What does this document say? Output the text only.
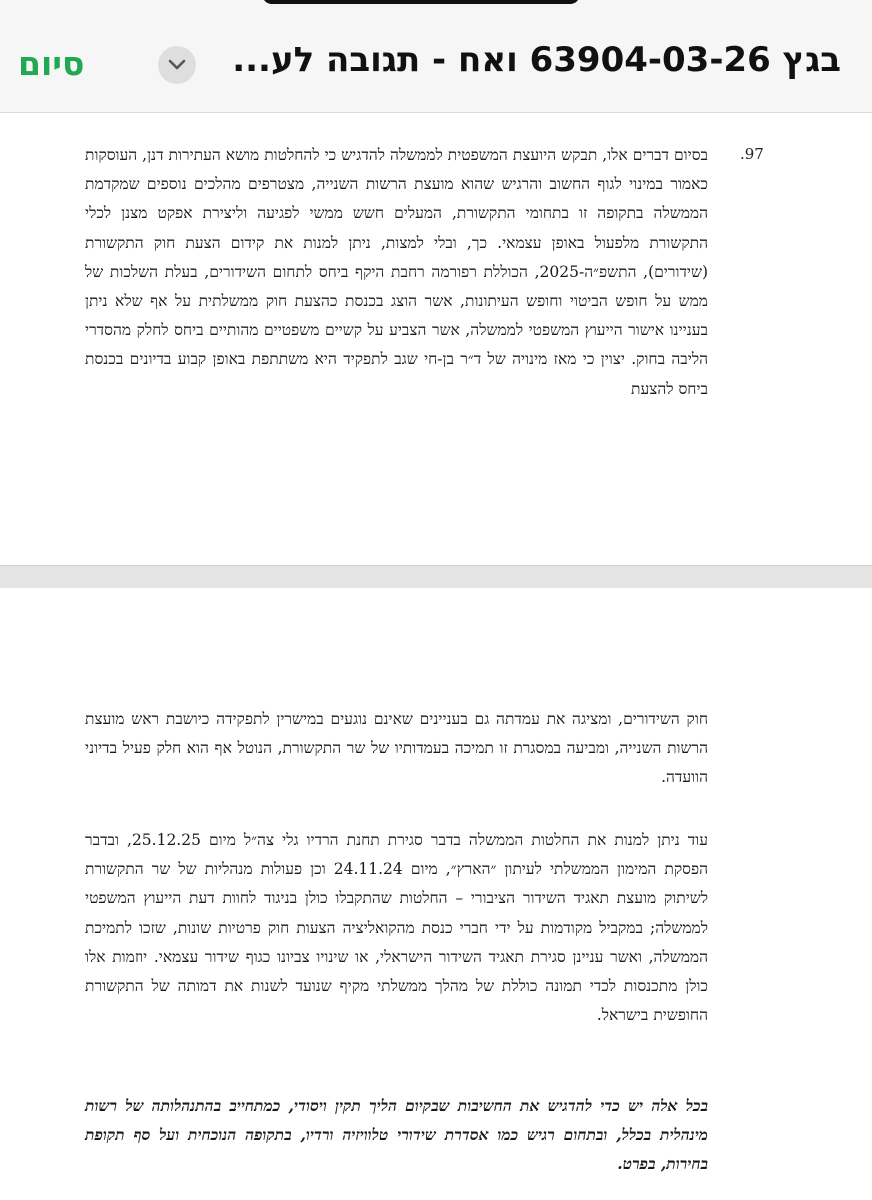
סיום	בגץ 63904-03-26 ואח - תגובה לע...
.97

בסיום דברים אלו, תבקש היועצת המשפטית לממשלה להדגיש כי להחלטות מושא העתירות דנן, העוסקות כאמור במינוי לגוף החשוב והרגיש שהוא מועצת הרשות השנייה, מצטרפים מהלכים נוספים שמקדמת הממשלה בתקופה זו בתחומי התקשורת, המעלים חשש ממשי לפגיעה וליצירת אפקט מצנן לכלי התקשורת מלפעול באופן עצמאי. כך, ובלי למצות, ניתן למנות את קידום הצעת חוק התקשורת (שידורים), התשפ״ה-2025, הכוללת רפורמה רחבת היקף ביחס לתחום השידורים, בעלת השלכות של ממש על חופש הביטוי וחופש העיתונות, אשר הוצג בכנסת כהצעת חוק ממשלתית על אף שלא ניתן בעניינו אישור הייעוץ המשפטי לממשלה, אשר הצביע על קשיים משפטיים מהותיים ביחס לחלק מהסדרי הליבה בחוק. יצוין כי מאז מינויה של ד״ר בן-חי שגב לתפקיד היא משתתפת באופן קבוע בדיונים בכנסת ביחס להצעת

חוק השידורים, ומציגה את עמדתה גם בעניינים שאינם נוגעים במישרין לתפקידה כיושבת ראש מועצת הרשות השנייה, ומביעה במסגרת זו תמיכה בעמדותיו של שר התקשורת, הנוטל אף הוא חלק פעיל בדיוני הוועדה.

עוד ניתן למנות את החלטות הממשלה בדבר סגירת תחנת הרדיו גלי צה״ל מיום 25.12.25, ובדבר הפסקת המימון הממשלתי לעיתון ״הארץ״, מיום 24.11.24 וכן פעולות מנהליות של שר התקשורת לשיתוק מועצת תאגיד השידור הציבורי – החלטות שהתקבלו כולן בניגוד לחוות דעת הייעוץ המשפטי לממשלה; במקביל מקודמות על ידי חברי כנסת מהקואליציה הצעות חוק פרטיות שונות, שזכו לתמיכת הממשלה, ואשר עניינן סגירת תאגיד השידור הישראלי, או שינויו צביונו כגוף שידור עצמאי. יוזמות אלו כולן מתכנסות לכדי תמונה כוללת של מהלך ממשלתי מקיף שנועד לשנות את דמותה של התקשורת החופשית בישראל.

בכל אלה יש כדי להדגיש את החשיבות שבקיום הליך תקין ויסודי, כמתחייב בהתנהלותה של רשות מינהלית בכלל, ובתחום רגיש כמו אסדרת שידורי טלוויזיה ורדיו, בתקופה הנוכחית ועל סף תקופת בחירות, בפרט.
